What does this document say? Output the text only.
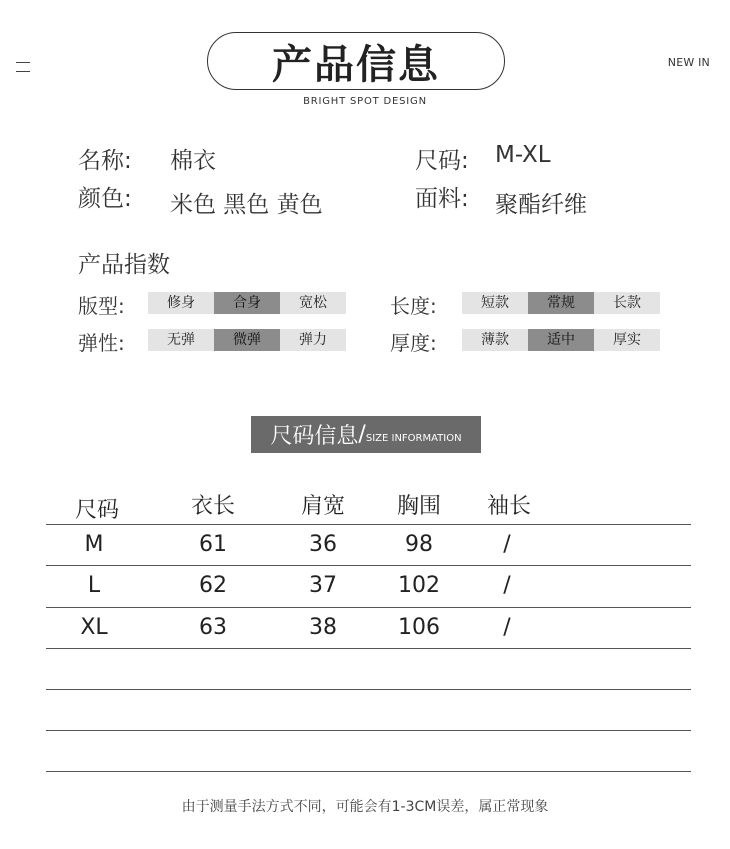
NEW IN
产品信息
BRIGHT SPOT DESIGN
名称: 棉衣	尺码: M-XL
颜色: 米色 黑色 黄色	面料: 聚酯纤维
产品指数
版型:	修身	合身	宽松	长度:	短款	常规	长款
弹性:	无弹	微弹	弹力	厚度:	薄款	适中	厚实
尺码信息 / SIZE INFORMATION
尺码	衣长	肩宽	胸围	袖长
M	61	36	98	/
L	62	37	102	/
XL	63	38	106	/
由于测量手法方式不同，可能会有1-3CM误差，属正常现象
